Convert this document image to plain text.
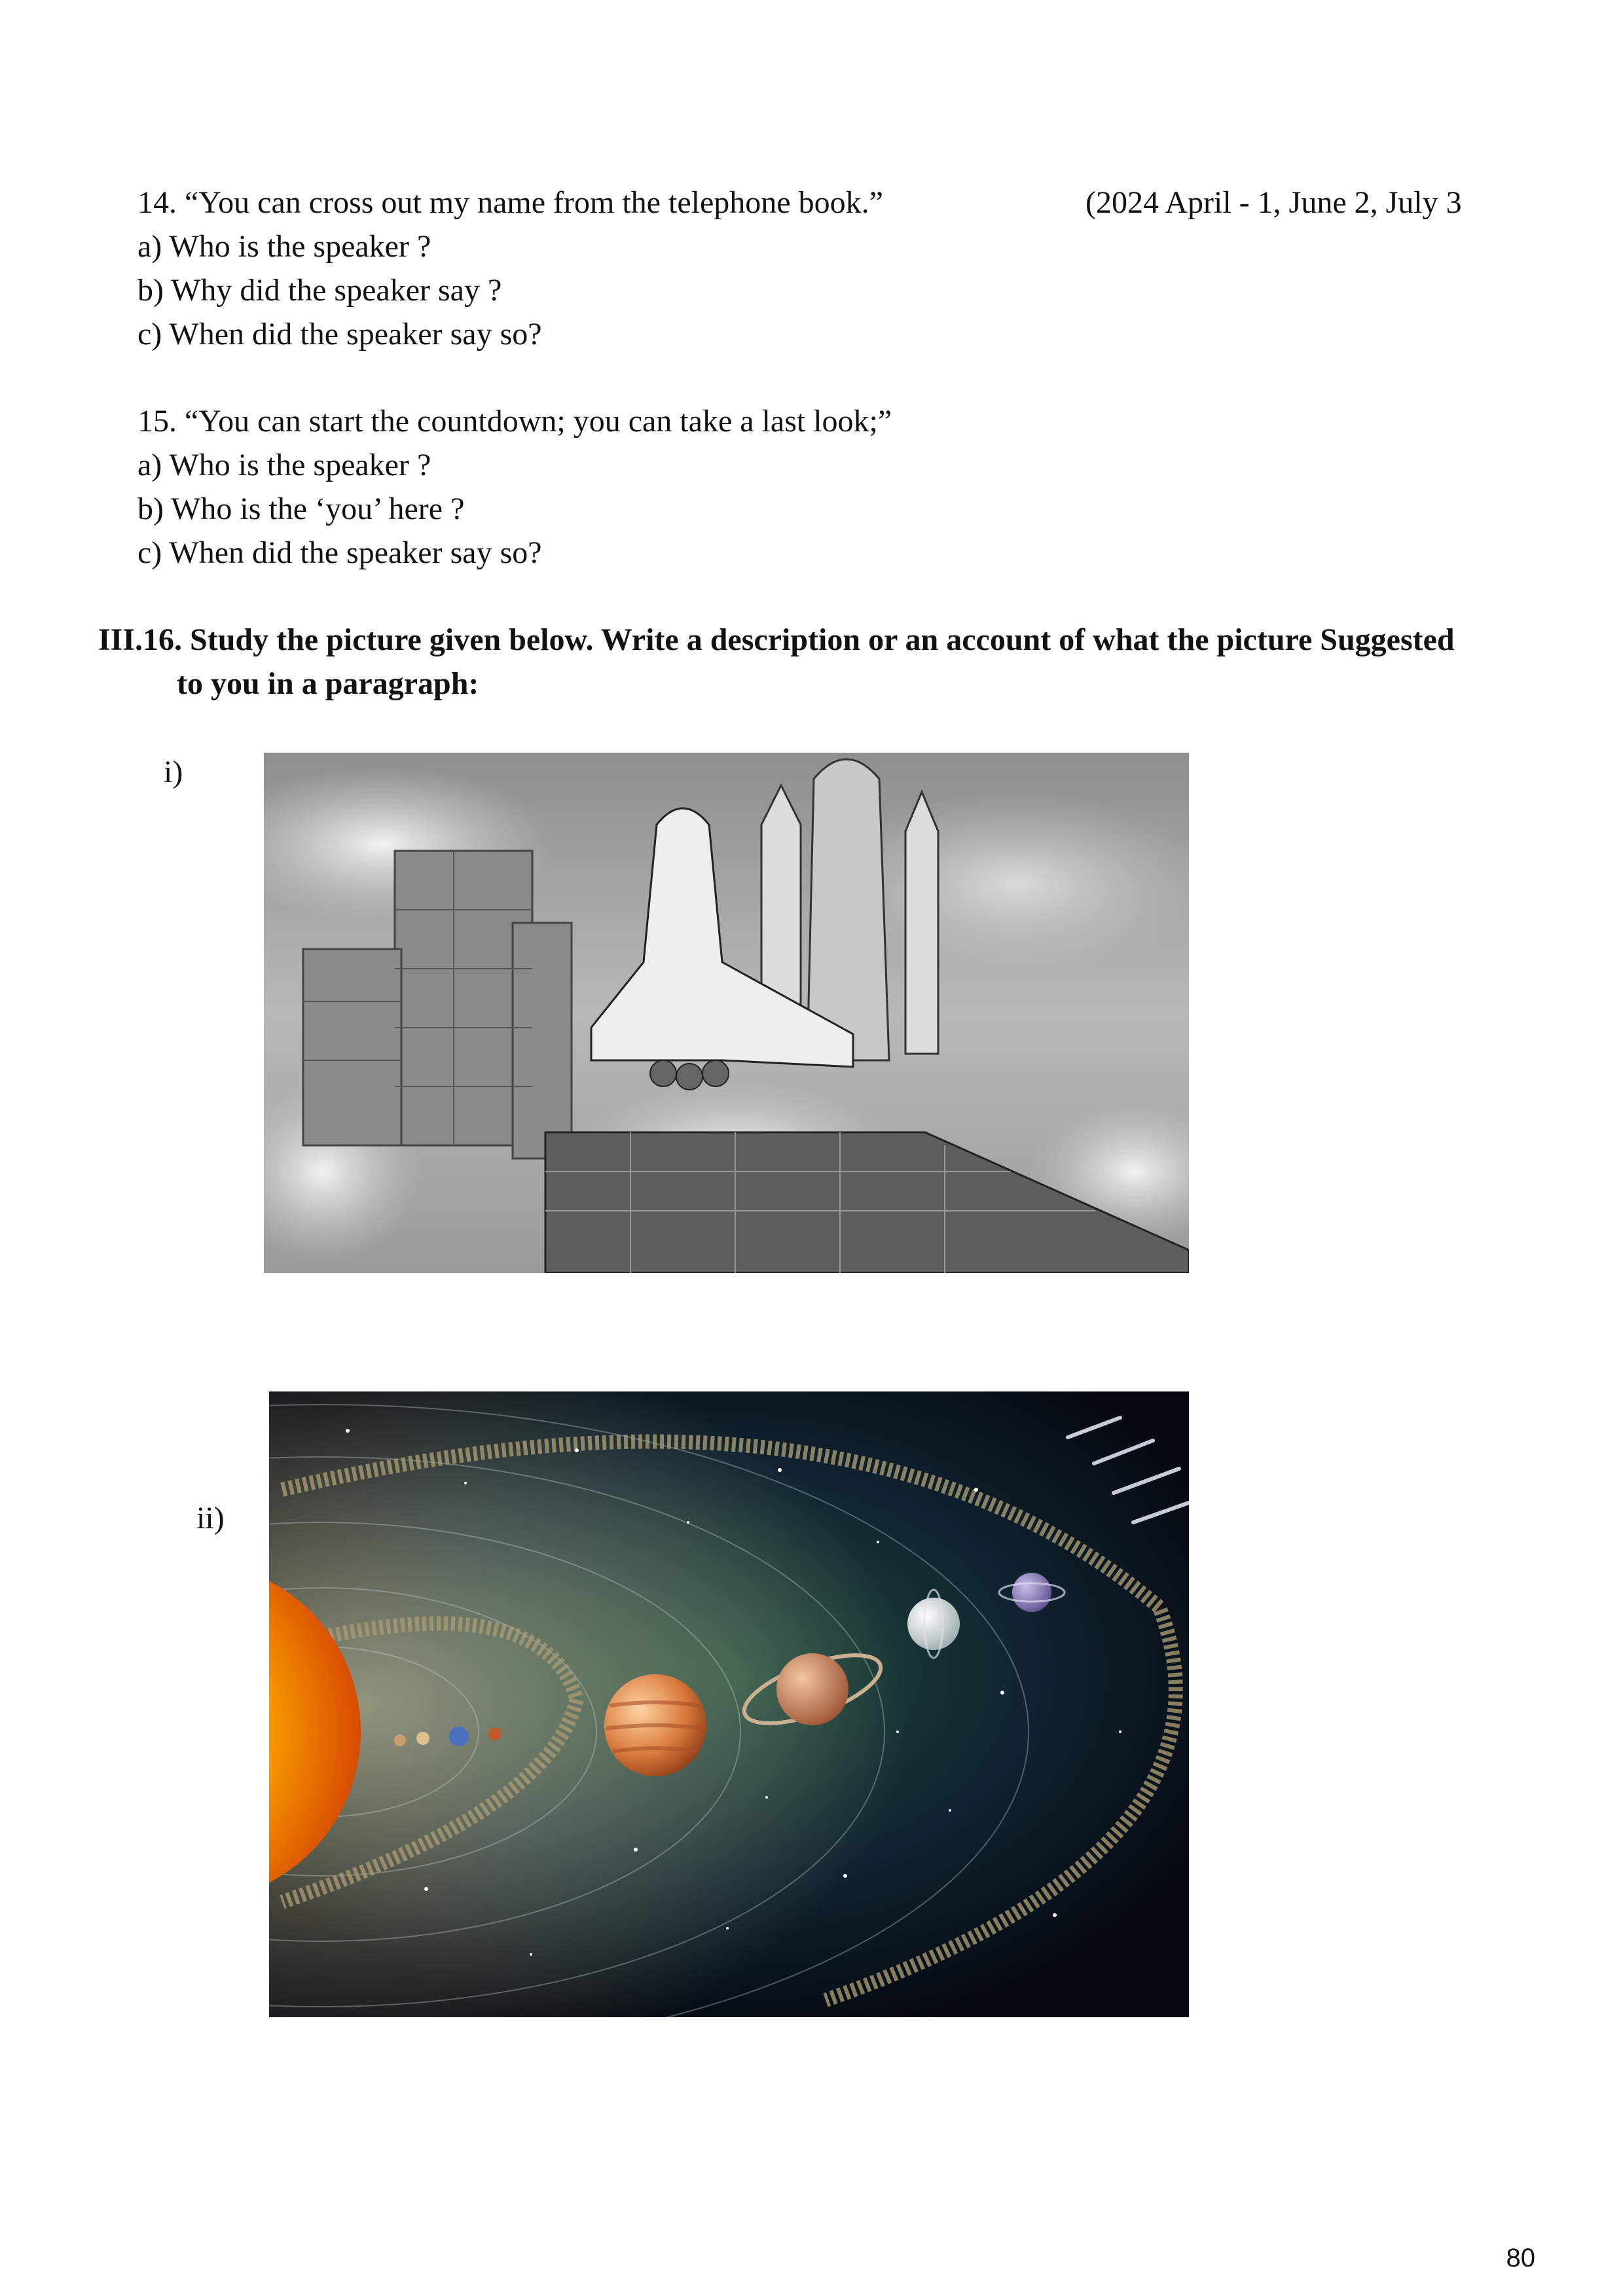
14. “You can cross out my name from the telephone book.”	(2024 April - 1, June 2, July 3
a) Who is the speaker ?
b) Why did the speaker say ?
c) When did the speaker say so?
15. “You can start the countdown; you can take a last look;”
a) Who is the speaker ?
b) Who is the ‘you’ here ?
c) When did the speaker say so?
III.16. Study the picture given below. Write a description or an account of what the picture Suggested
to you in a paragraph:
i)
ii)
80
